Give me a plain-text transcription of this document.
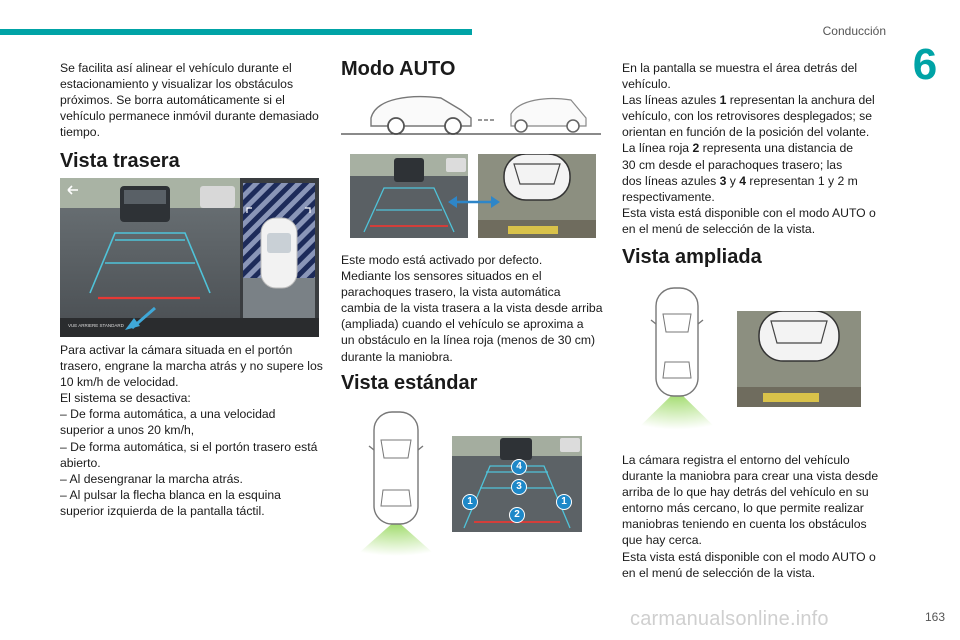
Conducción
6
Se facilita así alinear el vehículo durante el
estacionamiento y visualizar los obstáculos
próximos. Se borra automáticamente si el
vehículo permanece inmóvil durante demasiado
tiempo.
Vista trasera
VUE ARRIERE STANDARD
Para activar la cámara situada en el portón
trasero, engrane la marcha atrás y no supere los
10 km/h de velocidad.
El sistema se desactiva:
– De forma automática, a una velocidad
superior a unos 20 km/h,
– De forma automática, si el portón trasero está
abierto.
– Al desengranar la marcha atrás.
– Al pulsar la flecha blanca en la esquina
superior izquierda de la pantalla táctil.
Modo AUTO
Este modo está activado por defecto.
Mediante los sensores situados en el
parachoques trasero, la vista automática
cambia de la vista trasera a la vista desde arriba
(ampliada) cuando el vehículo se aproxima a
un obstáculo en la línea roja (menos de 30 cm)
durante la maniobra.
Vista estándar
4
3
1	1
2
En la pantalla se muestra el área detrás del
vehículo.
Las líneas azules 1 representan la anchura del
vehículo, con los retrovisores desplegados; se
orientan en función de la posición del volante.
La línea roja 2 representa una distancia de
30 cm desde el parachoques trasero; las
dos líneas azules 3 y 4 representan 1 y 2 m
respectivamente.
Esta vista está disponible con el modo AUTO o
en el menú de selección de la vista.
Vista ampliada
La cámara registra el entorno del vehículo
durante la maniobra para crear una vista desde
arriba de lo que hay detrás del vehículo en su
entorno más cercano, lo que permite realizar
maniobras teniendo en cuenta los obstáculos
que hay cerca.
Esta vista está disponible con el modo AUTO o
en el menú de selección de la vista.
carmanualsonline.info	163
